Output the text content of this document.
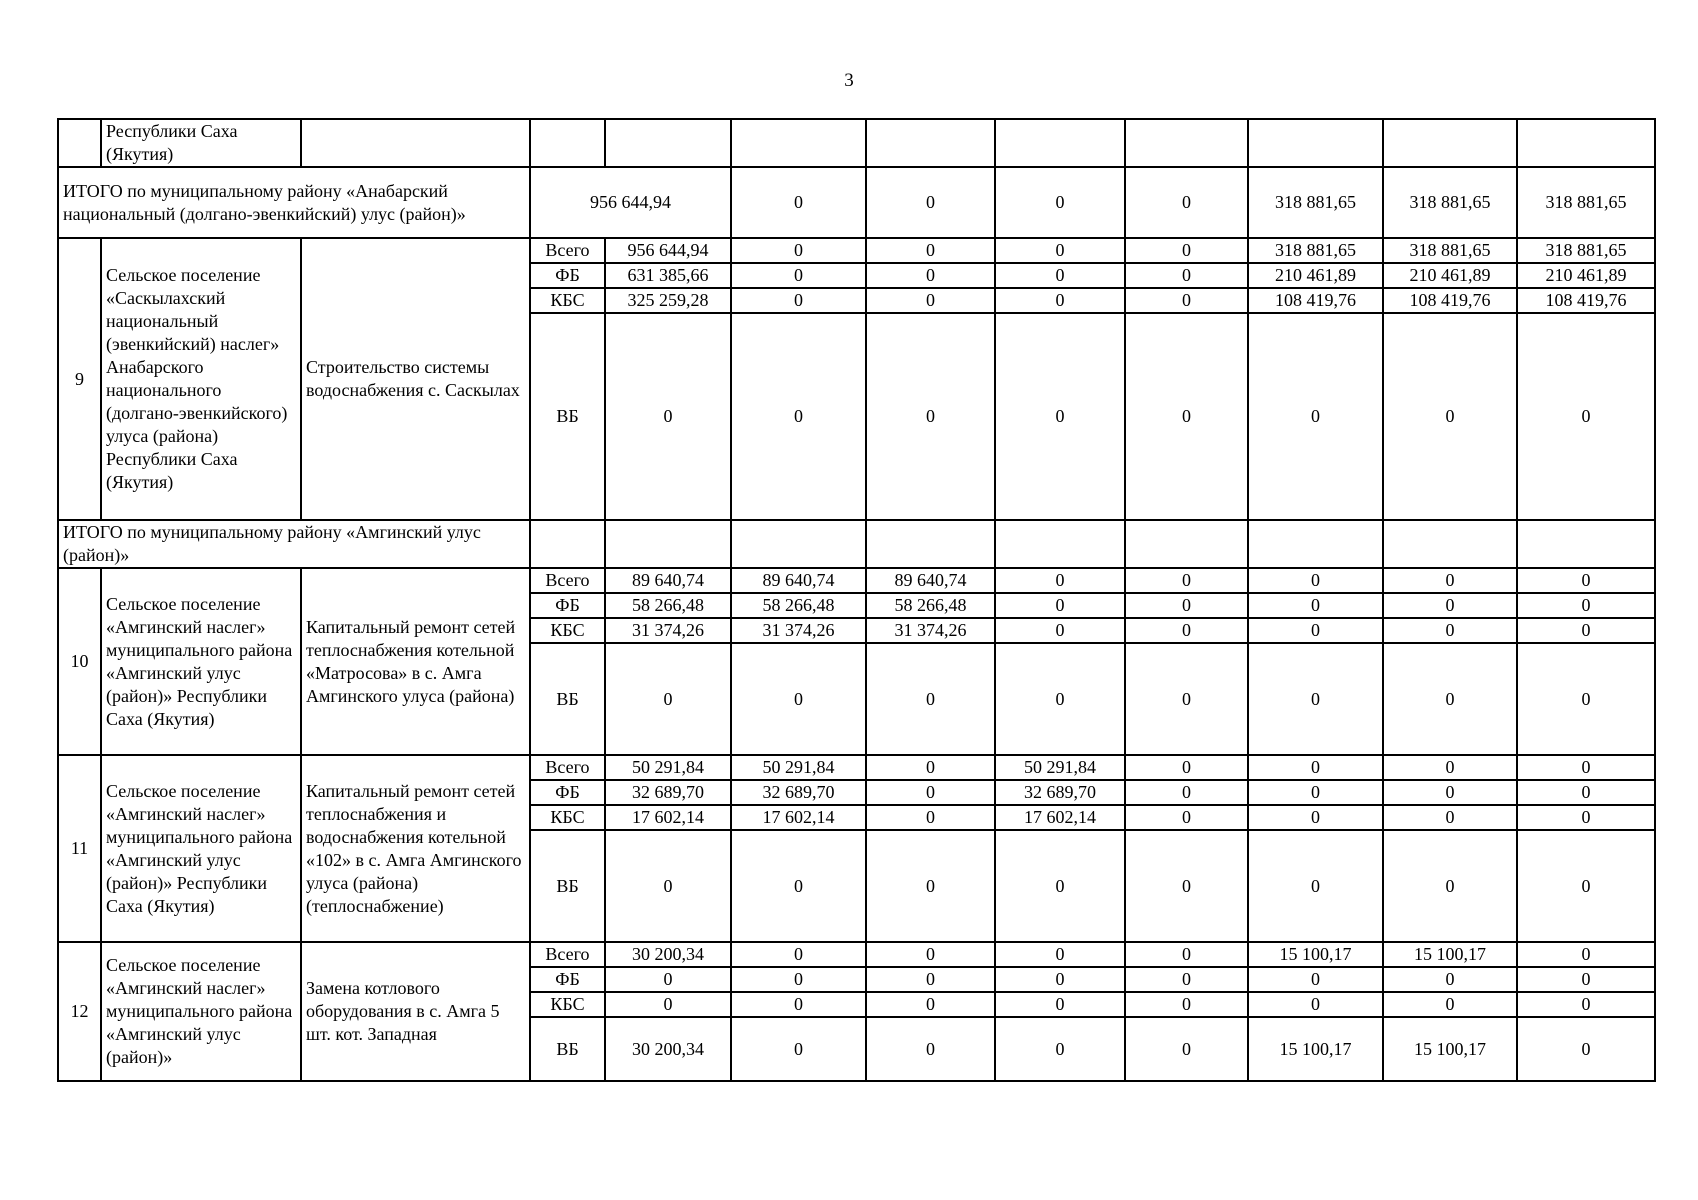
3
	Республики Саха (Якутия)										
ИТОГО по муниципальному району «Анабарский национальный (долгано-эвенкийский) улус (район)»			956 644,94		0	0	0	0	318 881,65	318 881,65	318 881,65
9	Сельское поселение «Саскылахский национальный (эвенкийский) наслег» Анабарского национального (долгано-эвенкийского) улуса (района) Республики Саха (Якутия)	Строительство системы водоснабжения с. Саскылах	Всего	956 644,94	0	0	0	0	318 881,65	318 881,65	318 881,65
			ФБ	631 385,66	0	0	0	0	210 461,89	210 461,89	210 461,89
			КБС	325 259,28	0	0	0	0	108 419,76	108 419,76	108 419,76
			ВБ	0	0	0	0	0	0	0	0
ИТОГО по муниципальному району «Амгинский улус (район)»											
10	Сельское поселение «Амгинский наслег» муниципального района «Амгинский улус (район)» Республики Саха (Якутия)	Капитальный ремонт сетей теплоснабжения котельной «Матросова» в с. Амга Амгинского улуса (района)	Всего	89 640,74	89 640,74	89 640,74	0	0	0	0	0
			ФБ	58 266,48	58 266,48	58 266,48	0	0	0	0	0
			КБС	31 374,26	31 374,26	31 374,26	0	0	0	0	0
			ВБ	0	0	0	0	0	0	0	0
11	Сельское поселение «Амгинский наслег» муниципального района «Амгинский улус (район)» Республики Саха (Якутия)	Капитальный ремонт сетей теплоснабжения и водоснабжения котельной «102» в с. Амга Амгинского улуса (района) (теплоснабжение)	Всего	50 291,84	50 291,84	0	50 291,84	0	0	0	0
			ФБ	32 689,70	32 689,70	0	32 689,70	0	0	0	0
			КБС	17 602,14	17 602,14	0	17 602,14	0	0	0	0
			ВБ	0	0	0	0	0	0	0	0
12	Сельское поселение «Амгинский наслег» муниципального района «Амгинский улус (район)»	Замена котлового оборудования в с. Амга 5 шт. кот. Западная	Всего	30 200,34	0	0	0	0	15 100,17	15 100,17	0
			ФБ	0	0	0	0	0	0	0	0
			КБС	0	0	0	0	0	0	0	0
			ВБ	30 200,34	0	0	0	0	15 100,17	15 100,17	0
